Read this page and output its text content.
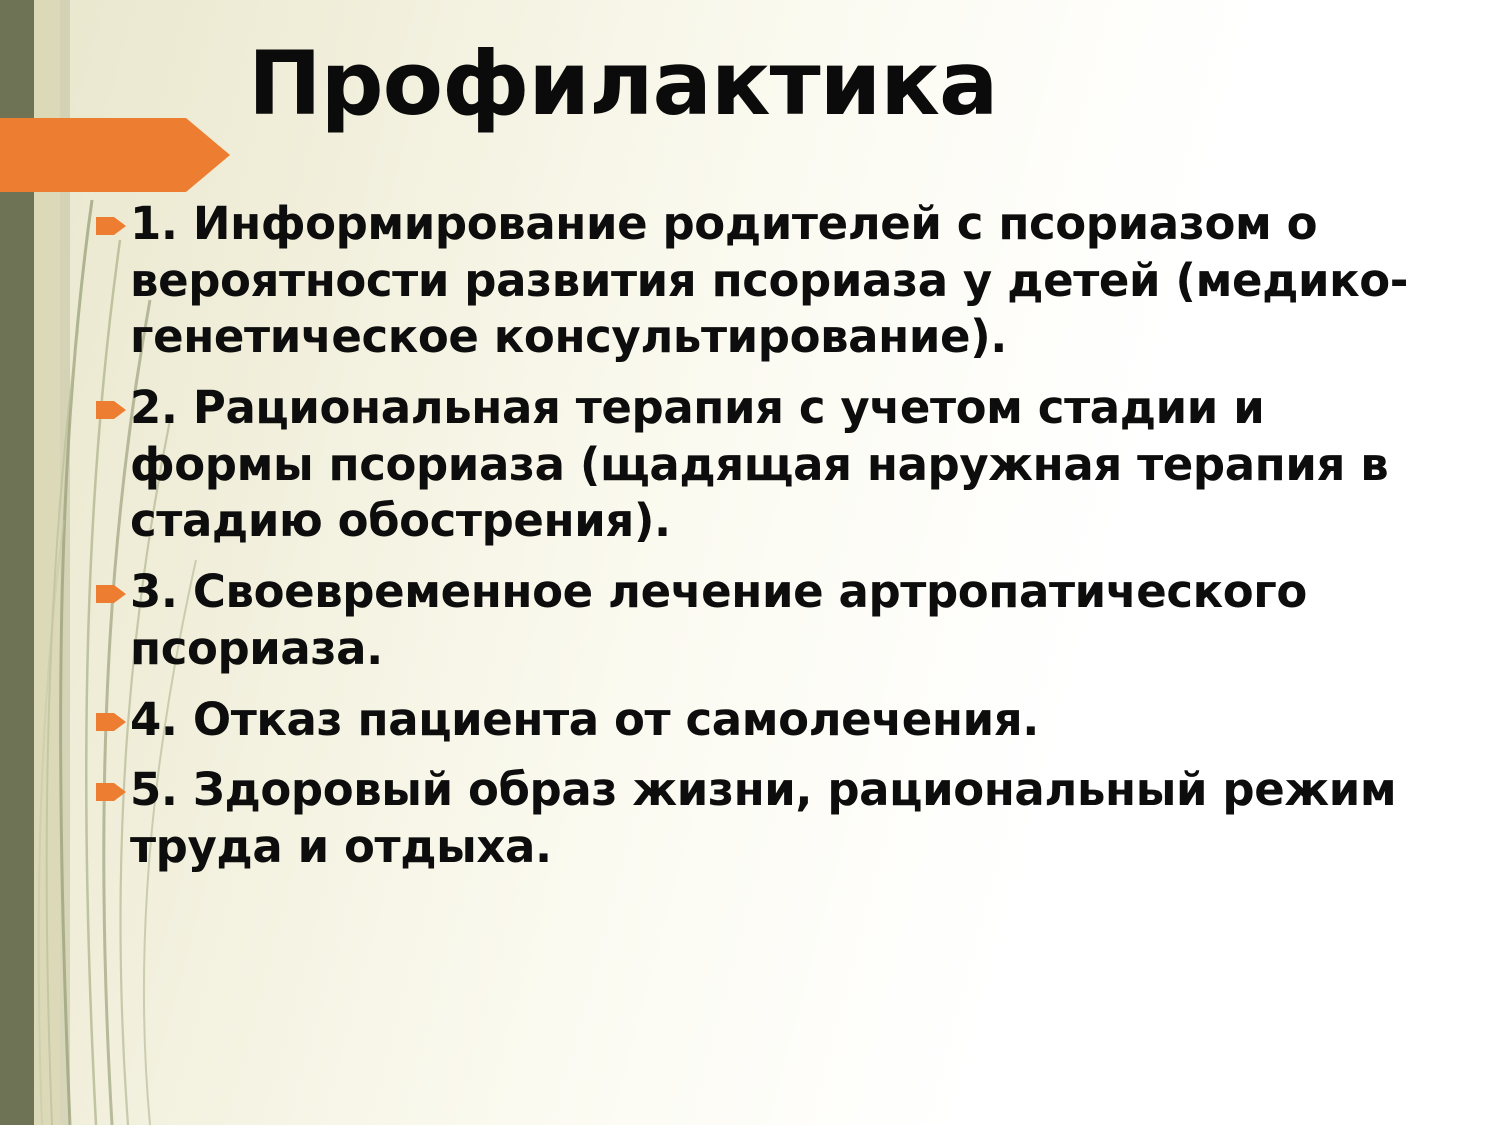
Профилактика
1. Информирование родителей с псориазом о вероятности развития псориаза у детей (медико-генетическое консультирование).
2. Рациональная терапия с учетом стадии и формы псориаза (щадящая наружная терапия в стадию обострения).
3. Своевременное лечение артропатического псориаза.
4. Отказ пациента от самолечения.
5. Здоровый образ жизни, рациональный режим труда и отдыха.
